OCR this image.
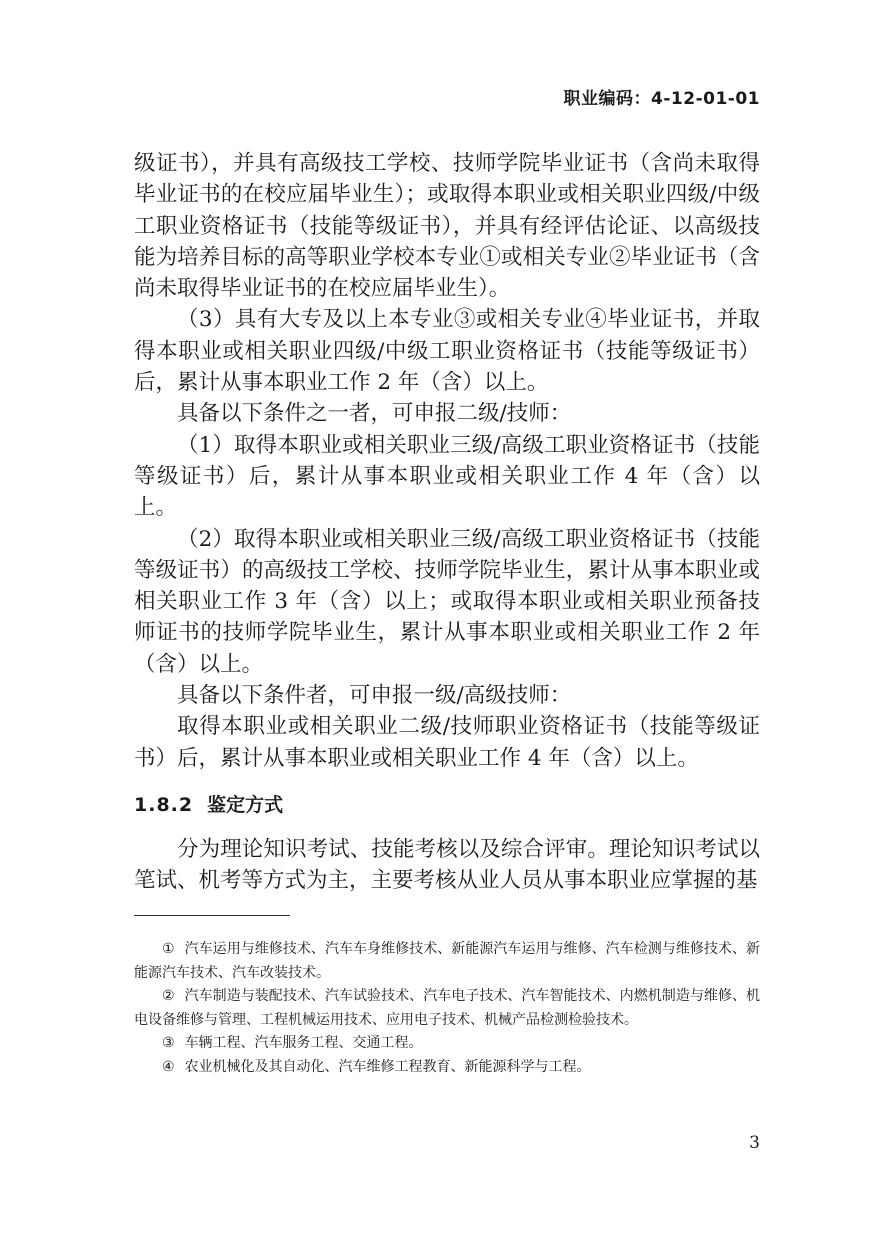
职业编码：4-12-01-01

级证书），并具有高级技工学校、技师学院毕业证书（含尚未取得毕业证书的在校应届毕业生）；或取得本职业或相关职业四级/中级工职业资格证书（技能等级证书），并具有经评估论证、以高级技能为培养目标的高等职业学校本专业①或相关专业②毕业证书（含尚未取得毕业证书的在校应届毕业生）。

（3）具有大专及以上本专业③或相关专业④毕业证书，并取得本职业或相关职业四级/中级工职业资格证书（技能等级证书）后，累计从事本职业工作 2 年（含）以上。

具备以下条件之一者，可申报二级/技师：

（1）取得本职业或相关职业三级/高级工职业资格证书（技能等级证书）后，累计从事本职业或相关职业工作 4 年（含）以上。

（2）取得本职业或相关职业三级/高级工职业资格证书（技能等级证书）的高级技工学校、技师学院毕业生，累计从事本职业或相关职业工作 3 年（含）以上；或取得本职业或相关职业预备技师证书的技师学院毕业生，累计从事本职业或相关职业工作 2 年（含）以上。

具备以下条件者，可申报一级/高级技师：

取得本职业或相关职业二级/技师职业资格证书（技能等级证书）后，累计从事本职业或相关职业工作 4 年（含）以上。

1.8.2 鉴定方式

分为理论知识考试、技能考核以及综合评审。理论知识考试以笔试、机考等方式为主，主要考核从业人员从事本职业应掌握的基

① 汽车运用与维修技术、汽车车身维修技术、新能源汽车运用与维修、汽车检测与维修技术、新能源汽车技术、汽车改装技术。

② 汽车制造与装配技术、汽车试验技术、汽车电子技术、汽车智能技术、内燃机制造与维修、机电设备维修与管理、工程机械运用技术、应用电子技术、机械产品检测检验技术。

③ 车辆工程、汽车服务工程、交通工程。

④ 农业机械化及其自动化、汽车维修工程教育、新能源科学与工程。

3
